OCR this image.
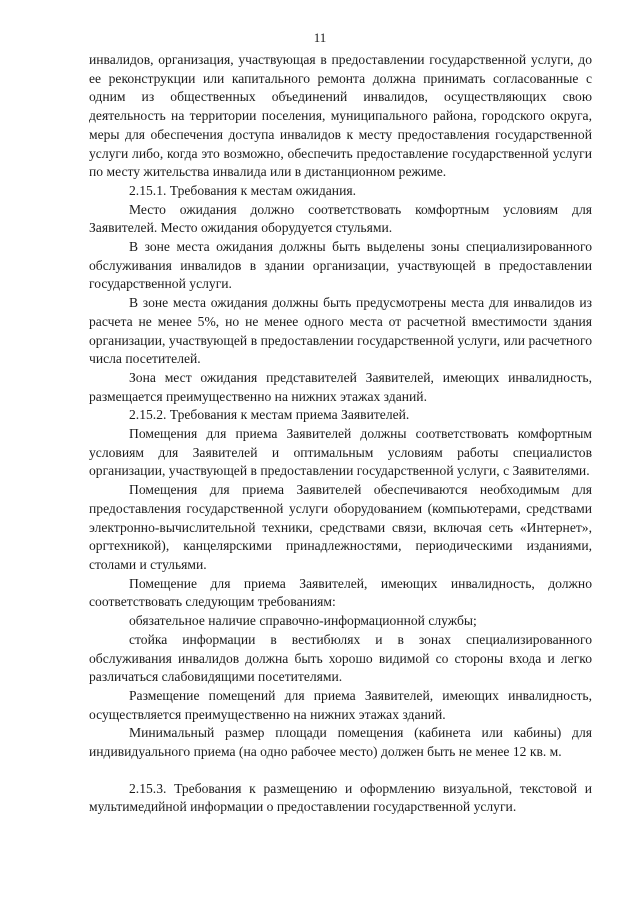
11

инвалидов, организация, участвующая в предоставлении государственной услуги, до ее реконструкции или капитального ремонта должна принимать согласованные с одним из общественных объединений инвалидов, осуществляющих свою деятельность на территории поселения, муниципального района, городского округа, меры для обеспечения доступа инвалидов к месту предоставления государственной услуги либо, когда это возможно, обеспечить предоставление государственной услуги по месту жительства инвалида или в дистанционном режиме.

2.15.1. Требования к местам ожидания.

Место ожидания должно соответствовать комфортным условиям для Заявителей. Место ожидания оборудуется стульями.

В зоне места ожидания должны быть выделены зоны специализированного обслуживания инвалидов в здании организации, участвующей в предоставлении государственной услуги.

В зоне места ожидания должны быть предусмотрены места для инвалидов из расчета не менее 5%, но не менее одного места от расчетной вместимости здания организации, участвующей в предоставлении государственной услуги, или расчетного числа посетителей.

Зона мест ожидания представителей Заявителей, имеющих инвалидность, размещается преимущественно на нижних этажах зданий.

2.15.2. Требования к местам приема Заявителей.

Помещения для приема Заявителей должны соответствовать комфортным условиям для Заявителей и оптимальным условиям работы специалистов организации, участвующей в предоставлении государственной услуги, с Заявителями.

Помещения для приема Заявителей обеспечиваются необходимым для предоставления государственной услуги оборудованием (компьютерами, средствами электронно-вычислительной техники, средствами связи, включая сеть «Интернет», оргтехникой), канцелярскими принадлежностями, периодическими изданиями, столами и стульями.

Помещение для приема Заявителей, имеющих инвалидность, должно соответствовать следующим требованиям:

обязательное наличие справочно-информационной службы;

стойка информации в вестибюлях и в зонах специализированного обслуживания инвалидов должна быть хорошо видимой со стороны входа и легко различаться слабовидящими посетителями.

Размещение помещений для приема Заявителей, имеющих инвалидность, осуществляется преимущественно на нижних этажах зданий.

Минимальный размер площади помещения (кабинета или кабины) для индивидуального приема (на одно рабочее место) должен быть не менее 12 кв. м.

2.15.3. Требования к размещению и оформлению визуальной, текстовой и мультимедийной информации о предоставлении государственной услуги.
